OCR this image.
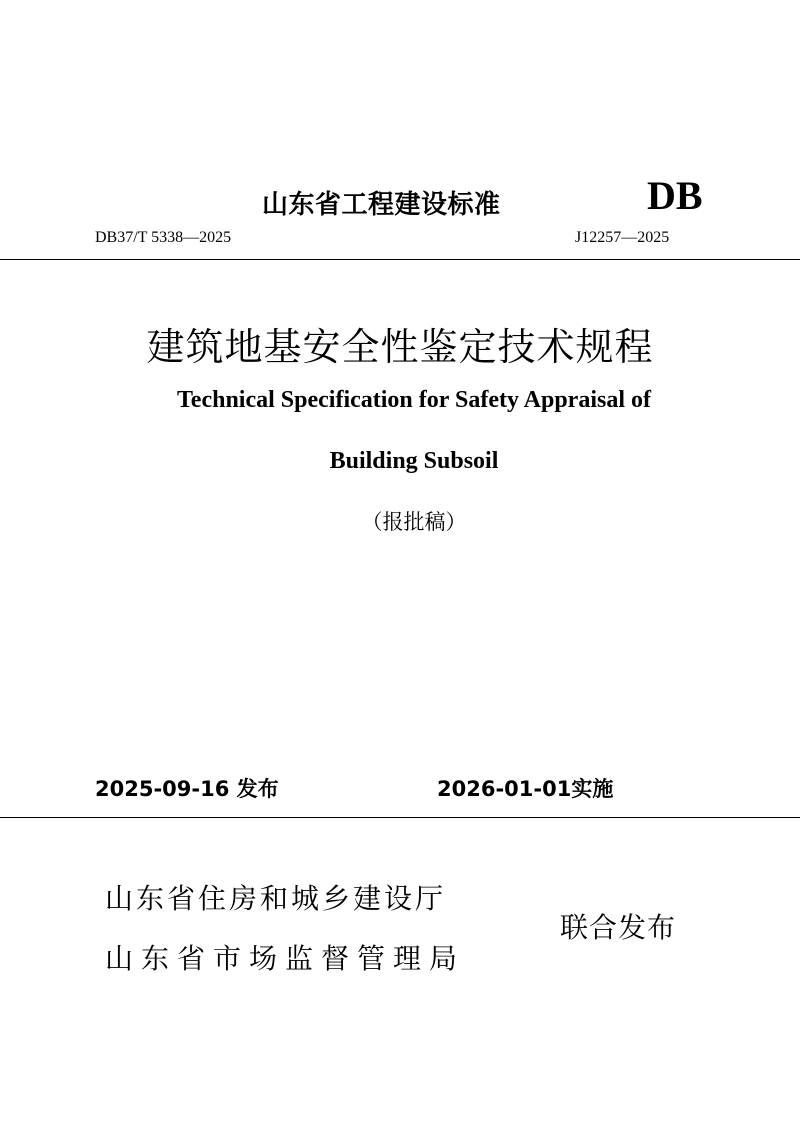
山东省工程建设标准	DB
DB37/T 5338—2025	J12257—2025
建筑地基安全性鉴定技术规程
Technical Specification for Safety Appraisal of
Building Subsoil
（报批稿）
2025-09-16 发布	2026-01-01实施
山东省住房和城乡建设厅
山东省市场监督管理局
联合发布
